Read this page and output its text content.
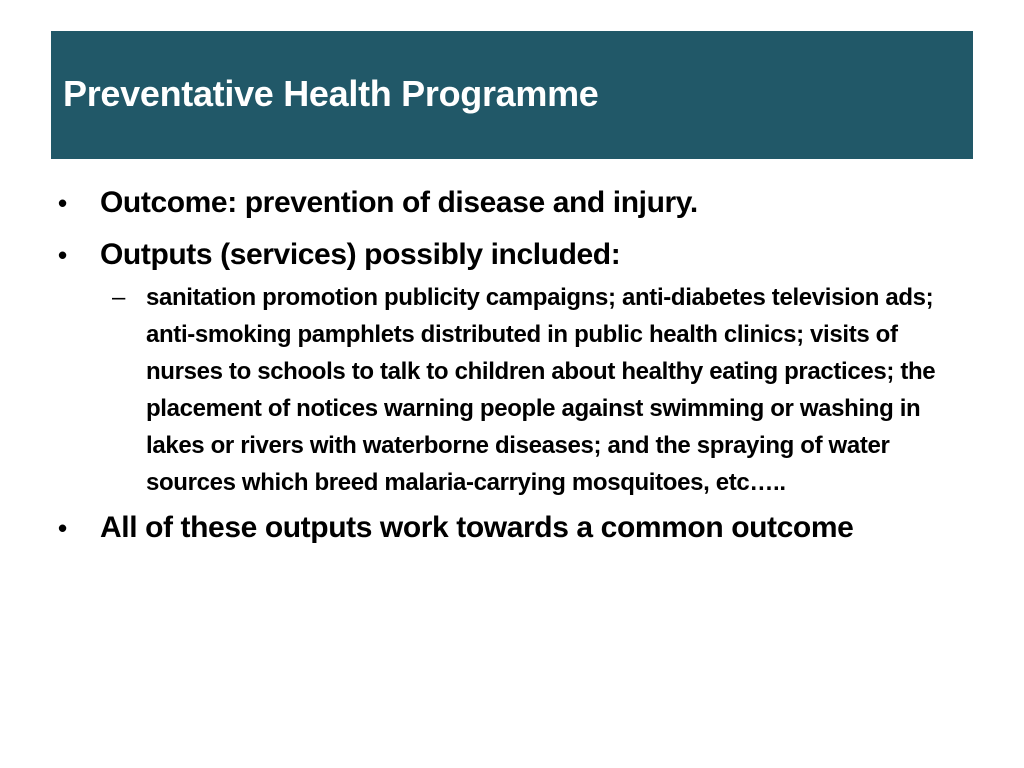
Preventative Health Programme
• Outcome: prevention of disease and injury.
• Outputs (services) possibly included:
– sanitation promotion publicity campaigns; anti-diabetes television ads; anti-smoking pamphlets distributed in public health clinics; visits of nurses to schools to talk to children about healthy eating practices; the placement of notices warning people against swimming or washing in lakes or rivers with waterborne diseases; and the spraying of water sources which breed malaria-carrying mosquitoes, etc…..
• All of these outputs work towards a common outcome
